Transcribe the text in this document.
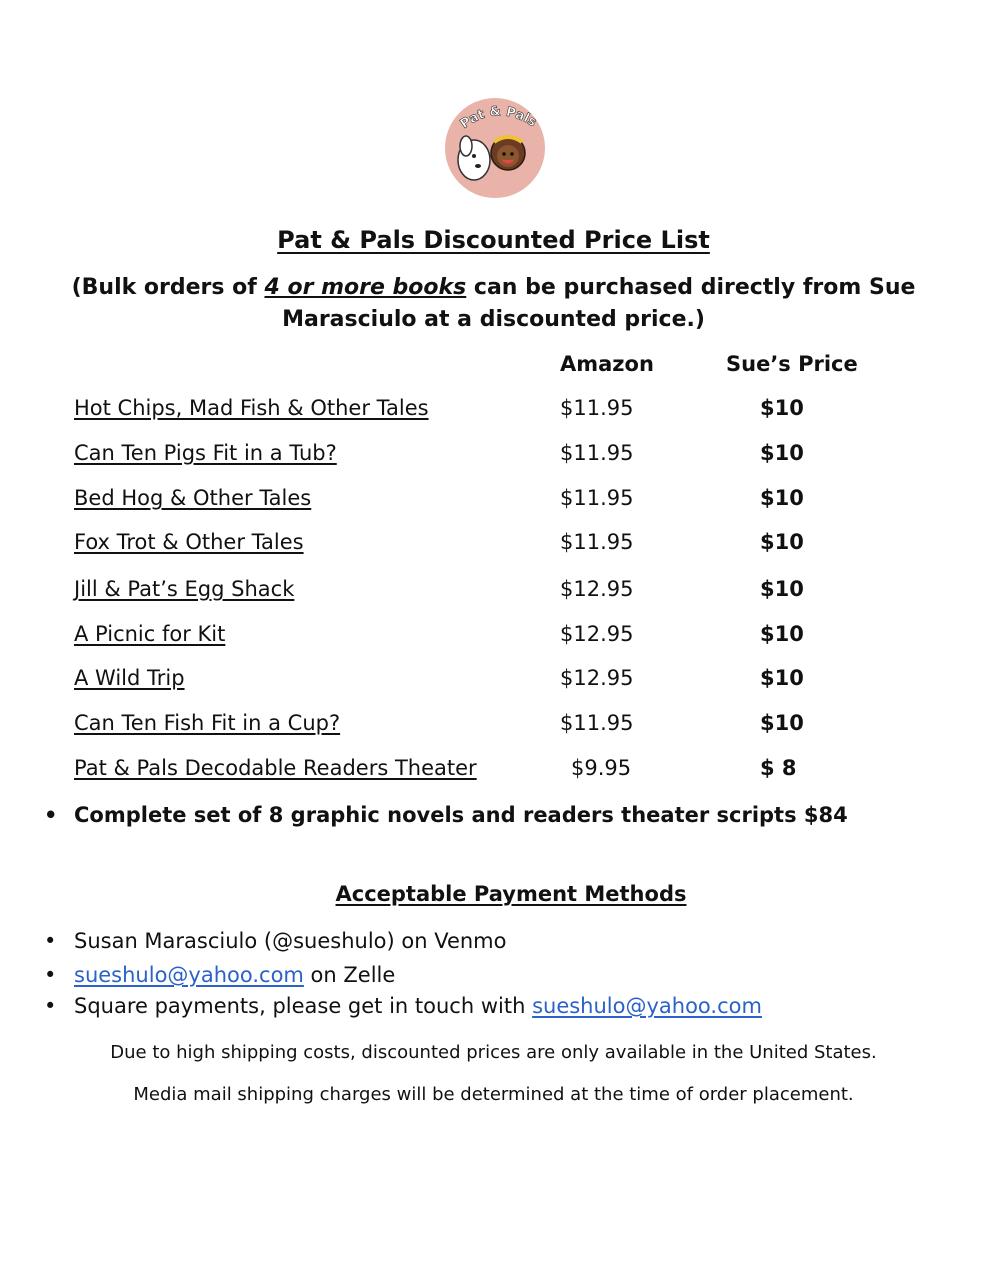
Pat & Pals
Pat & Pals Discounted Price List

(Bulk orders of 4 or more books can be purchased directly from Sue Marasciulo at a discounted price.)

Amazon	Sue’s Price
Hot Chips, Mad Fish & Other Tales	$11.95	$10
Can Ten Pigs Fit in a Tub?	$11.95	$10
Bed Hog & Other Tales	$11.95	$10
Fox Trot & Other Tales	$11.95	$10
Jill & Pat’s Egg Shack	$12.95	$10
A Picnic for Kit	$12.95	$10
A Wild Trip	$12.95	$10
Can Ten Fish Fit in a Cup?	$11.95	$10
Pat & Pals Decodable Readers Theater	$9.95	$ 8
• Complete set of 8 graphic novels and readers theater scripts $84
Acceptable Payment Methods
• Susan Marasciulo (@sueshulo) on Venmo
• sueshulo@yahoo.com on Zelle
• Square payments, please get in touch with sueshulo@yahoo.com
Due to high shipping costs, discounted prices are only available in the United States.
Media mail shipping charges will be determined at the time of order placement.
